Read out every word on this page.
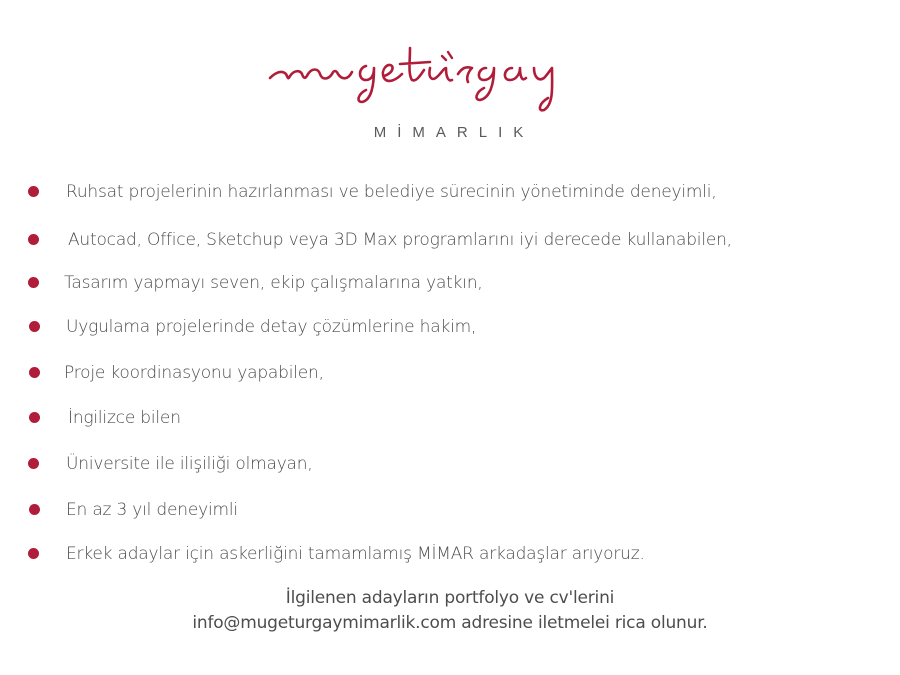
MİMARLIK
Ruhsat projelerinin hazırlanması ve belediye sürecinin yönetiminde deneyimli,
Autocad, Office, Sketchup veya 3D Max programlarını iyi derecede kullanabilen,
Tasarım yapmayı seven, ekip çalışmalarına yatkın,
Uygulama projelerinde detay çözümlerine hakim,
Proje koordinasyonu yapabilen,
İngilizce bilen
Üniversite ile ilişiliği olmayan,
En az 3 yıl deneyimli
Erkek adaylar için askerliğini tamamlamış MİMAR arkadaşlar arıyoruz.
İlgilenen adayların portfolyo ve cv'lerini
info@mugeturgaymimarlik.com adresine iletmelei rica olunur.
